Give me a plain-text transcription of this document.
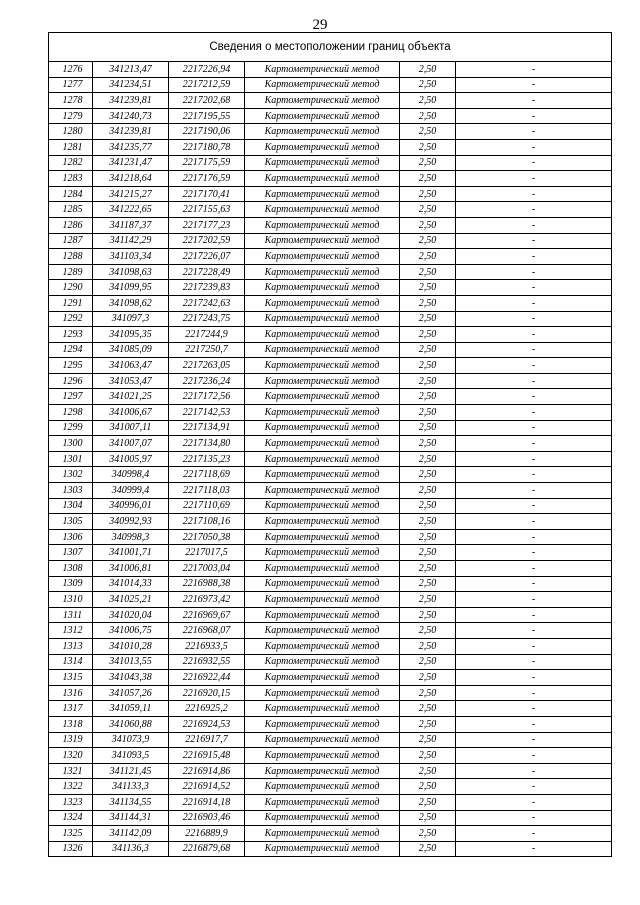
29
Сведения о местоположении границ объекта					
1276	341213,47	2217226,94	Картометрический метод	2,50	-
1277	341234,51	2217212,59	Картометрический метод	2,50	-
1278	341239,81	2217202,68	Картометрический метод	2,50	-
1279	341240,73	2217195,55	Картометрический метод	2,50	-
1280	341239,81	2217190,06	Картометрический метод	2,50	-
1281	341235,77	2217180,78	Картометрический метод	2,50	-
1282	341231,47	2217175,59	Картометрический метод	2,50	-
1283	341218,64	2217176,59	Картометрический метод	2,50	-
1284	341215,27	2217170,41	Картометрический метод	2,50	-
1285	341222,65	2217155,63	Картометрический метод	2,50	-
1286	341187,37	2217177,23	Картометрический метод	2,50	-
1287	341142,29	2217202,59	Картометрический метод	2,50	-
1288	341103,34	2217226,07	Картометрический метод	2,50	-
1289	341098,63	2217228,49	Картометрический метод	2,50	-
1290	341099,95	2217239,83	Картометрический метод	2,50	-
1291	341098,62	2217242,63	Картометрический метод	2,50	-
1292	341097,3	2217243,75	Картометрический метод	2,50	-
1293	341095,35	2217244,9	Картометрический метод	2,50	-
1294	341085,09	2217250,7	Картометрический метод	2,50	-
1295	341063,47	2217263,05	Картометрический метод	2,50	-
1296	341053,47	2217236,24	Картометрический метод	2,50	-
1297	341021,25	2217172,56	Картометрический метод	2,50	-
1298	341006,67	2217142,53	Картометрический метод	2,50	-
1299	341007,11	2217134,91	Картометрический метод	2,50	-
1300	341007,07	2217134,80	Картометрический метод	2,50	-
1301	341005,97	2217135,23	Картометрический метод	2,50	-
1302	340998,4	2217118,69	Картометрический метод	2,50	-
1303	340999,4	2217118,03	Картометрический метод	2,50	-
1304	340996,01	2217110,69	Картометрический метод	2,50	-
1305	340992,93	2217108,16	Картометрический метод	2,50	-
1306	340998,3	2217050,38	Картометрический метод	2,50	-
1307	341001,71	2217017,5	Картометрический метод	2,50	-
1308	341006,81	2217003,04	Картометрический метод	2,50	-
1309	341014,33	2216988,38	Картометрический метод	2,50	-
1310	341025,21	2216973,42	Картометрический метод	2,50	-
1311	341020,04	2216969,67	Картометрический метод	2,50	-
1312	341006,75	2216968,07	Картометрический метод	2,50	-
1313	341010,28	2216933,5	Картометрический метод	2,50	-
1314	341013,55	2216932,55	Картометрический метод	2,50	-
1315	341043,38	2216922,44	Картометрический метод	2,50	-
1316	341057,26	2216920,15	Картометрический метод	2,50	-
1317	341059,11	2216925,2	Картометрический метод	2,50	-
1318	341060,88	2216924,53	Картометрический метод	2,50	-
1319	341073,9	2216917,7	Картометрический метод	2,50	-
1320	341093,5	2216915,48	Картометрический метод	2,50	-
1321	341121,45	2216914,86	Картометрический метод	2,50	-
1322	341133,3	2216914,52	Картометрический метод	2,50	-
1323	341134,55	2216914,18	Картометрический метод	2,50	-
1324	341144,31	2216903,46	Картометрический метод	2,50	-
1325	341142,09	2216889,9	Картометрический метод	2,50	-
1326	341136,3	2216879,68	Картометрический метод	2,50	-
